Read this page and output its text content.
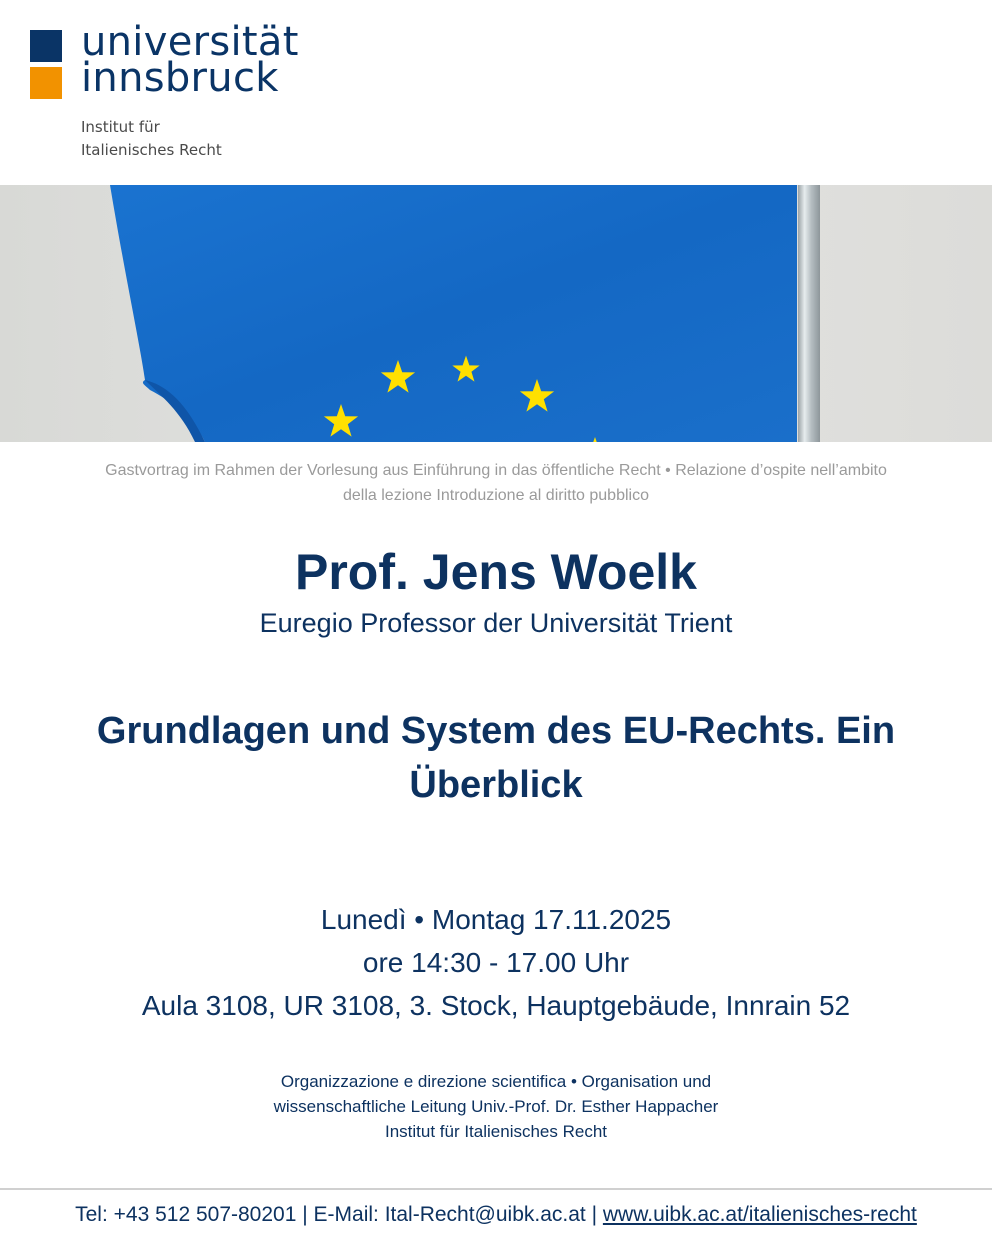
universität
innsbruck
Institut für
Italienisches Recht
Gastvortrag im Rahmen der Vorlesung aus Einführung in das öffentliche Recht • Relazione d’ospite nell’ambito
della lezione Introduzione al diritto pubblico
Prof. Jens Woelk
Euregio Professor der Universität Trient
Grundlagen und System des EU-Rechts. Ein
Überblick
Lunedì • Montag 17.11.2025
ore 14:30 - 17.00 Uhr
Aula 3108, UR 3108, 3. Stock, Hauptgebäude, Innrain 52
Organizzazione e direzione scientifica • Organisation und
wissenschaftliche Leitung Univ.-Prof. Dr. Esther Happacher
Institut für Italienisches Recht
Tel: +43 512 507-80201 | E-Mail: Ital-Recht@uibk.ac.at | www.uibk.ac.at/italienisches-recht
